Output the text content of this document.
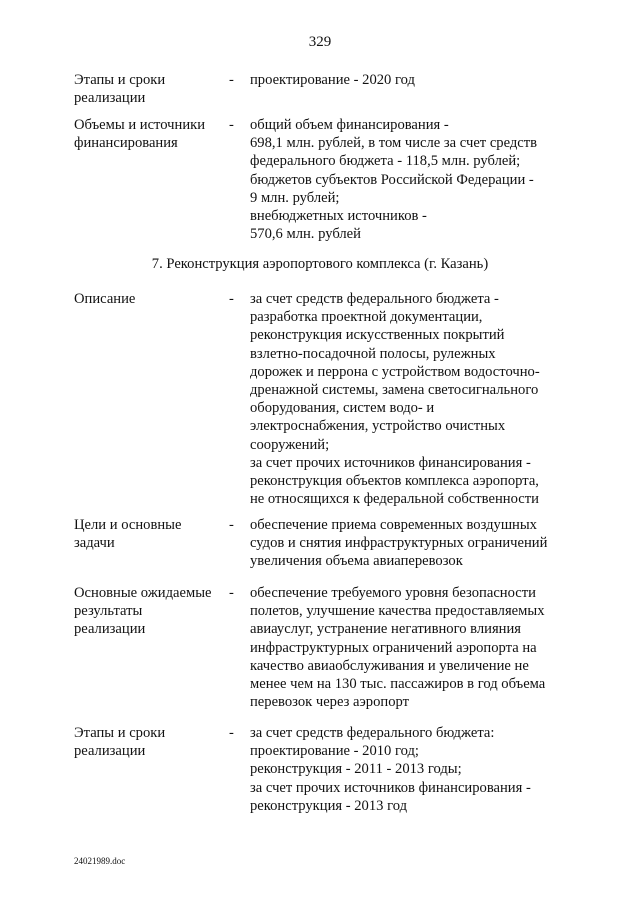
329
Этапы и сроки
реализации
- проектирование - 2020 год
Объемы и источники
финансирования
- общий объем финансирования -
698,1 млн. рублей, в том числе за счет средств
федерального бюджета - 118,5 млн. рублей;
бюджетов субъектов Российской Федерации -
9 млн. рублей;
внебюджетных источников -
570,6 млн. рублей
7. Реконструкция аэропортового комплекса (г. Казань)
Описание	- за счет средств федерального бюджета -
разработка проектной документации,
реконструкция искусственных покрытий
взлетно-посадочной полосы, рулежных
дорожек и перрона с устройством водосточно-
дренажной системы, замена светосигнального
оборудования, систем водо- и
электроснабжения, устройство очистных
сооружений;
за счет прочих источников финансирования -
реконструкция объектов комплекса аэропорта,
не относящихся к федеральной собственности
Цели и основные
задачи
- обеспечение приема современных воздушных
судов и снятия инфраструктурных ограничений
увеличения объема авиаперевозок
Основные ожидаемые
результаты
реализации
- обеспечение требуемого уровня безопасности
полетов, улучшение качества предоставляемых
авиауслуг, устранение негативного влияния
инфраструктурных ограничений аэропорта на
качество авиаобслуживания и увеличение не
менее чем на 130 тыс. пассажиров в год объема
перевозок через аэропорт
Этапы и сроки
реализации
- за счет средств федерального бюджета:
проектирование - 2010 год;
реконструкция - 2011 - 2013 годы;
за счет прочих источников финансирования -
реконструкция - 2013 год
24021989.doc
